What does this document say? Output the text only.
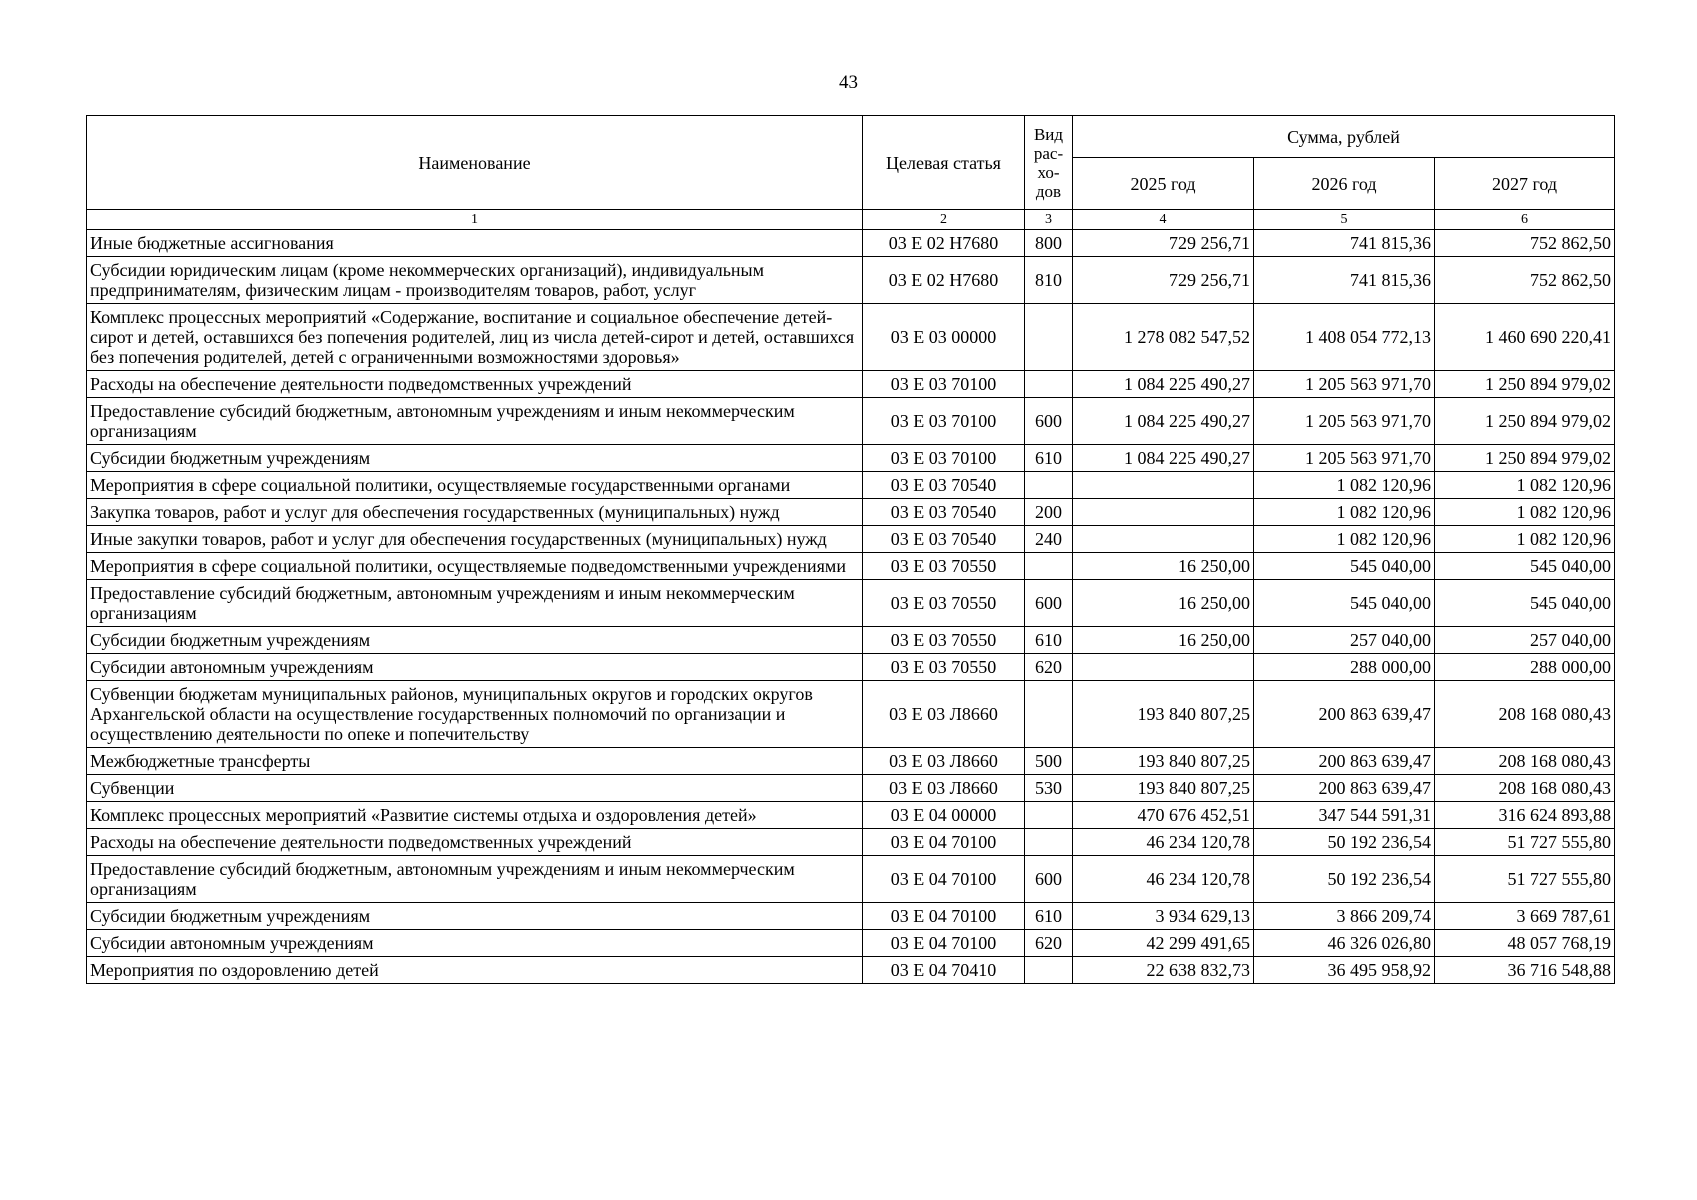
43
Наименование	Целевая статья	Вид рас-хо-дов	Сумма, рублей		
			2025 год	2026 год	2027 год
1	2	3	4	5	6
Иные бюджетные ассигнования	03 Е 02 Н7680	800	729 256,71	741 815,36	752 862,50
Субсидии юридическим лицам (кроме некоммерческих организаций), индивидуальным предпринимателям, физическим лицам - производителям товаров, работ, услуг	03 Е 02 Н7680	810	729 256,71	741 815,36	752 862,50
Комплекс процессных мероприятий «Содержание, воспитание и социальное обеспечение детей-сирот и детей, оставшихся без попечения родителей, лиц из числа детей-сирот и детей, оставшихся без попечения родителей, детей с ограниченными возможностями здоровья»	03 Е 03 00000		1 278 082 547,52	1 408 054 772,13	1 460 690 220,41
Расходы на обеспечение деятельности подведомственных учреждений	03 Е 03 70100		1 084 225 490,27	1 205 563 971,70	1 250 894 979,02
Предоставление субсидий бюджетным, автономным учреждениям и иным некоммерческим организациям	03 Е 03 70100	600	1 084 225 490,27	1 205 563 971,70	1 250 894 979,02
Субсидии бюджетным учреждениям	03 Е 03 70100	610	1 084 225 490,27	1 205 563 971,70	1 250 894 979,02
Мероприятия в сфере социальной политики, осуществляемые государственными органами	03 Е 03 70540			1 082 120,96	1 082 120,96
Закупка товаров, работ и услуг для обеспечения государственных (муниципальных) нужд	03 Е 03 70540	200		1 082 120,96	1 082 120,96
Иные закупки товаров, работ и услуг для обеспечения государственных (муниципальных) нужд	03 Е 03 70540	240		1 082 120,96	1 082 120,96
Мероприятия в сфере социальной политики, осуществляемые подведомственными учреждениями	03 Е 03 70550		16 250,00	545 040,00	545 040,00
Предоставление субсидий бюджетным, автономным учреждениям и иным некоммерческим организациям	03 Е 03 70550	600	16 250,00	545 040,00	545 040,00
Субсидии бюджетным учреждениям	03 Е 03 70550	610	16 250,00	257 040,00	257 040,00
Субсидии автономным учреждениям	03 Е 03 70550	620		288 000,00	288 000,00
Субвенции бюджетам муниципальных районов, муниципальных округов и городских округов Архангельской области на осуществление государственных полномочий по организации и осуществлению деятельности по опеке и попечительству	03 Е 03 Л8660		193 840 807,25	200 863 639,47	208 168 080,43
Межбюджетные трансферты	03 Е 03 Л8660	500	193 840 807,25	200 863 639,47	208 168 080,43
Субвенции	03 Е 03 Л8660	530	193 840 807,25	200 863 639,47	208 168 080,43
Комплекс процессных мероприятий «Развитие системы отдыха и оздоровления детей»	03 Е 04 00000		470 676 452,51	347 544 591,31	316 624 893,88
Расходы на обеспечение деятельности подведомственных учреждений	03 Е 04 70100		46 234 120,78	50 192 236,54	51 727 555,80
Предоставление субсидий бюджетным, автономным учреждениям и иным некоммерческим организациям	03 Е 04 70100	600	46 234 120,78	50 192 236,54	51 727 555,80
Субсидии бюджетным учреждениям	03 Е 04 70100	610	3 934 629,13	3 866 209,74	3 669 787,61
Субсидии автономным учреждениям	03 Е 04 70100	620	42 299 491,65	46 326 026,80	48 057 768,19
Мероприятия по оздоровлению детей	03 Е 04 70410		22 638 832,73	36 495 958,92	36 716 548,88
